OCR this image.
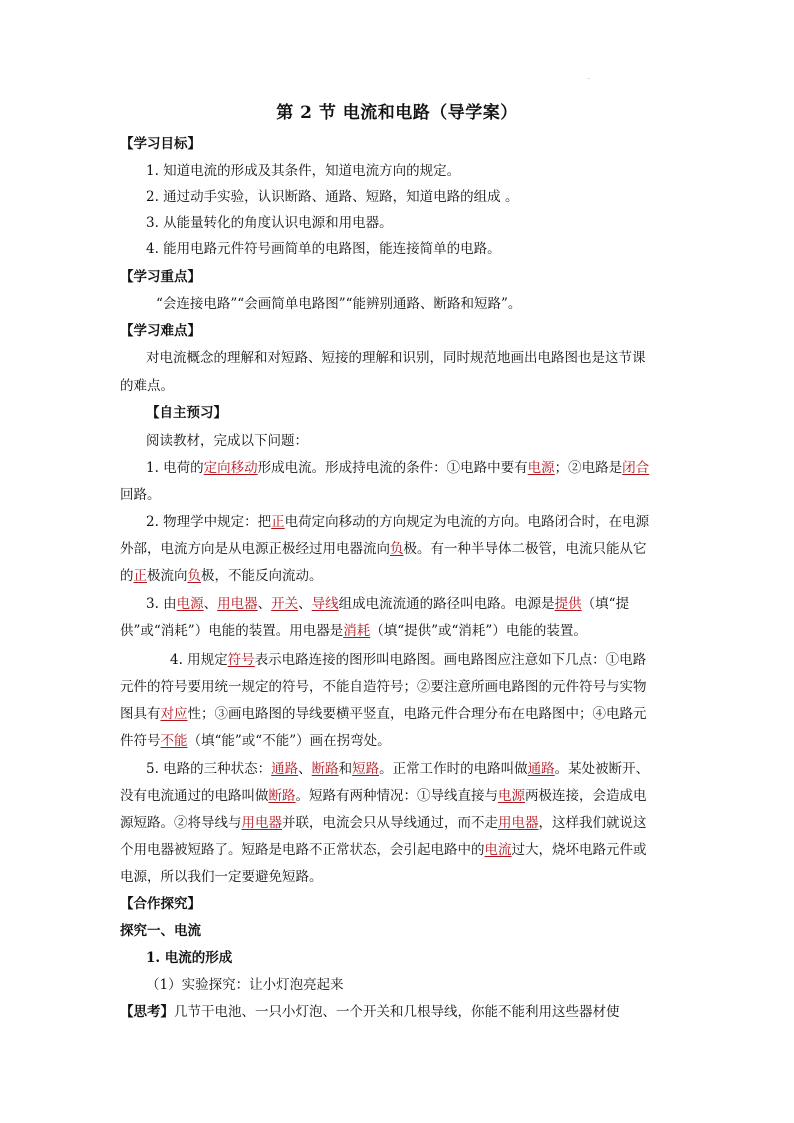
·
第 2 节 电流和电路（导学案）
【学习目标】
1. 知道电流的形成及其条件，知道电流方向的规定。
2. 通过动手实验，认识断路、通路、短路，知道电路的组成 。
3. 从能量转化的角度认识电源和用电器。
4. 能用电路元件符号画简单的电路图，能连接简单的电路。
【学习重点】
“会连接电路”“会画简单电路图”“能辨别通路、断路和短路”。
【学习难点】
对电流概念的理解和对短路、短接的理解和识别，同时规范地画出电路图也是这节课
的难点。
【自主预习】
阅读教材，完成以下问题：
1. 电荷的定向移动形成电流。形成持电流的条件：①电路中要有电源；②电路是闭合
回路。
2. 物理学中规定：把正电荷定向移动的方向规定为电流的方向。电路闭合时，在电源
外部，电流方向是从电源正极经过用电器流向负极。有一种半导体二极管，电流只能从它
的正极流向负极，不能反向流动。
3. 由电源、用电器、开关、导线组成电流流通的路径叫电路。电源是提供（填“提
供”或“消耗”）电能的装置。用电器是消耗（填“提供”或“消耗”）电能的装置。
4. 用规定符号表示电路连接的图形叫电路图。画电路图应注意如下几点：①电路
元件的符号要用统一规定的符号，不能自造符号；②要注意所画电路图的元件符号与实物
图具有对应性；③画电路图的导线要横平竖直，电路元件合理分布在电路图中；④电路元
件符号不能（填“能”或“不能”）画在拐弯处。
5. 电路的三种状态：通路、断路和短路。正常工作时的电路叫做通路。某处被断开、
没有电流通过的电路叫做断路。短路有两种情况：①导线直接与电源两极连接，会造成电
源短路。②将导线与用电器并联，电流会只从导线通过，而不走用电器，这样我们就说这
个用电器被短路了。短路是电路不正常状态，会引起电路中的电流过大，烧坏电路元件或
电源，所以我们一定要避免短路。
【合作探究】
探究一、电流
1. 电流的形成
（1）实验探究：让小灯泡亮起来
【思考】几节干电池、一只小灯泡、一个开关和几根导线，你能不能利用这些器材使
